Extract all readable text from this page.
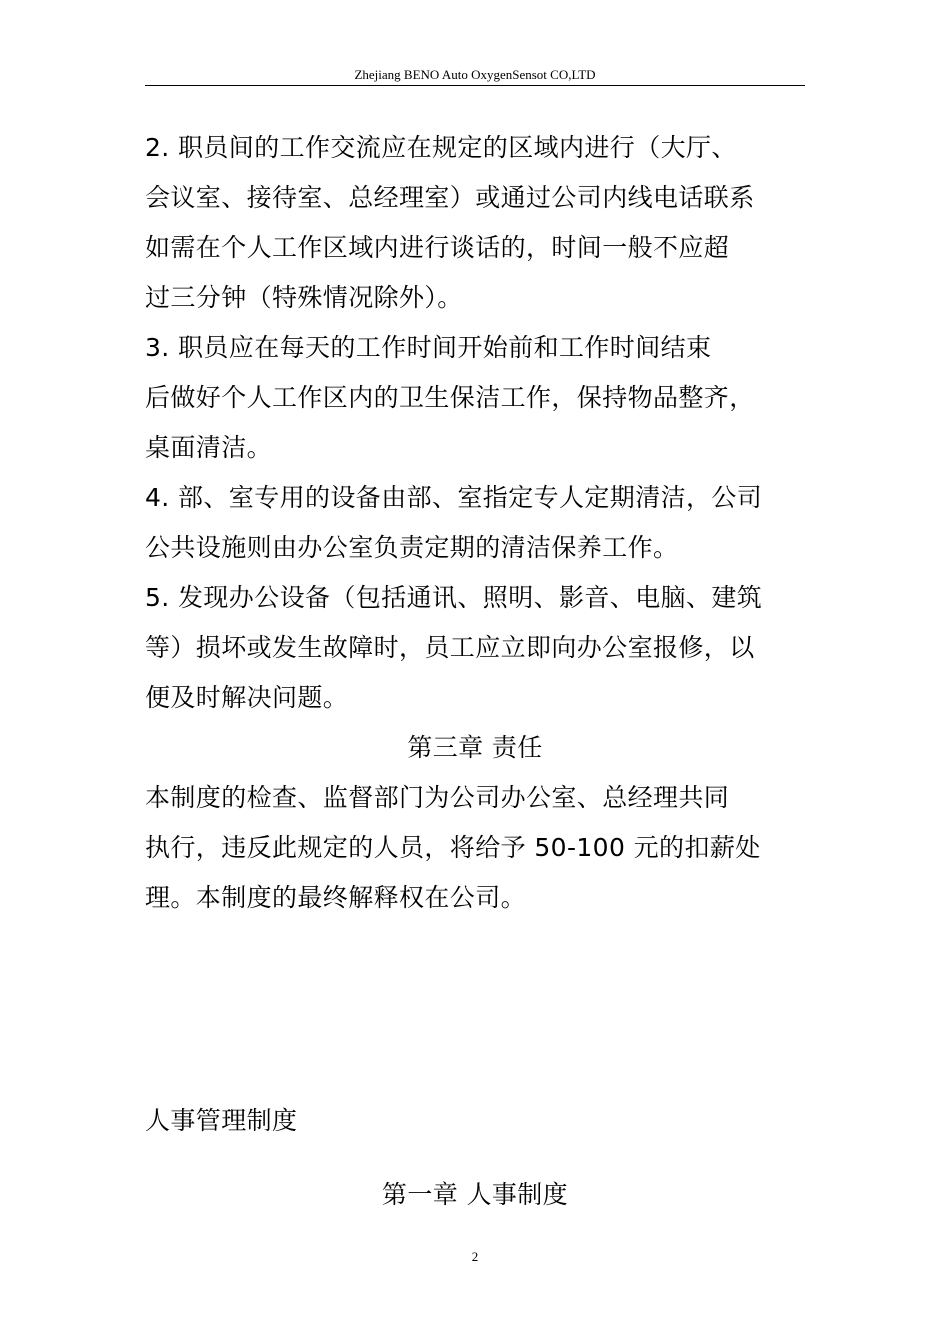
Zhejiang BENO Auto OxygenSensot CO,LTD
2. 职员间的工作交流应在规定的区域内进行（大厅、
会议室、接待室、总经理室）或通过公司内线电话联系
如需在个人工作区域内进行谈话的，时间一般不应超
过三分钟（特殊情况除外）。
3. 职员应在每天的工作时间开始前和工作时间结束
后做好个人工作区内的卫生保洁工作，保持物品整齐，
桌面清洁。
4. 部、室专用的设备由部、室指定专人定期清洁，公司
公共设施则由办公室负责定期的清洁保养工作。
5. 发现办公设备（包括通讯、照明、影音、电脑、建筑
等）损坏或发生故障时，员工应立即向办公室报修，以
便及时解决问题。
第三章 责任
本制度的检查、监督部门为公司办公室、总经理共同
执行，违反此规定的人员，将给予 50-100 元的扣薪处
理。本制度的最终解释权在公司。
人事管理制度
第一章 人事制度
2
